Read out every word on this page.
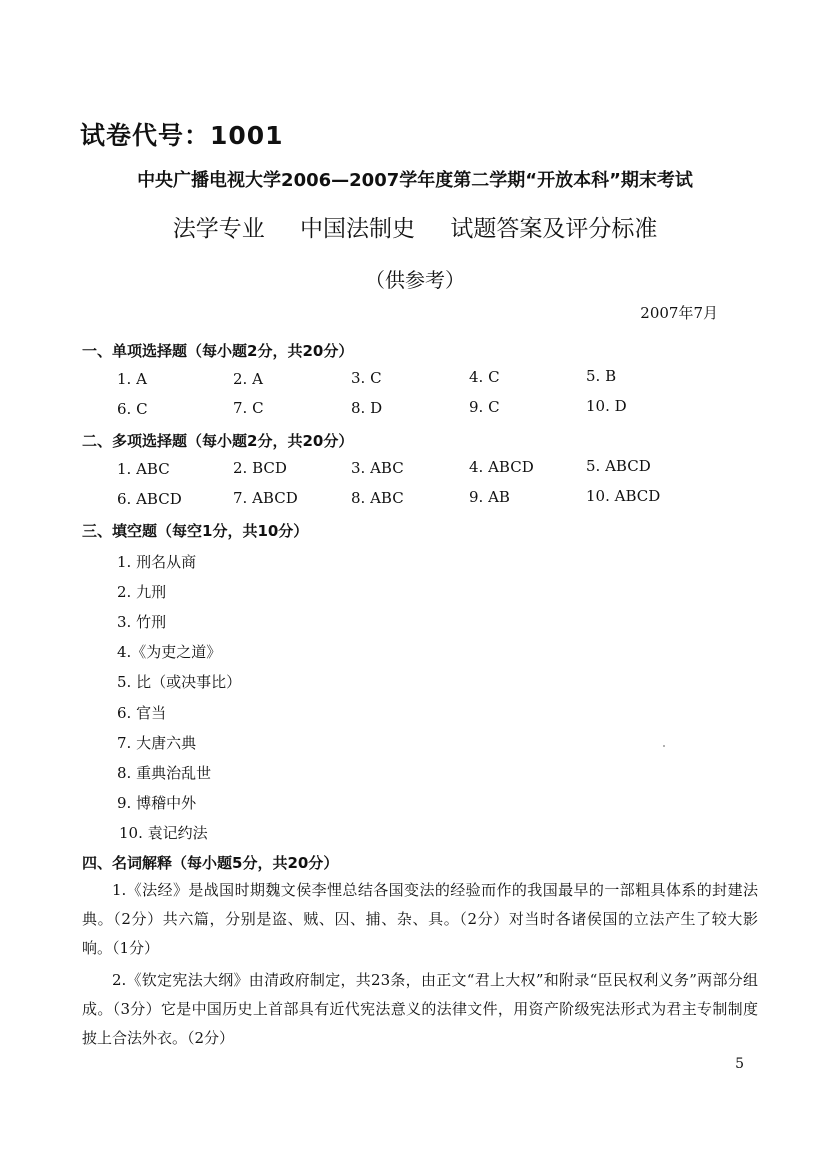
试卷代号：1001
中央广播电视大学2006—2007学年度第二学期“开放本科”期末考试
法学专业 中国法制史 试题答案及评分标准
（供参考）
2007年7月
一、单项选择题（每小题2分，共20分）
1. A	2. A	3. C	4. C	5. B
6. C	7. C	8. D	9. C	10. D
二、多项选择题（每小题2分，共20分）
1. ABC	2. BCD	3. ABC	4. ABCD	5. ABCD
6. ABCD	7. ABCD	8. ABC	9. AB	10. ABCD
三、填空题（每空1分，共10分）
1. 刑名从商
2. 九刑
3. 竹刑
4.《为吏之道》
5. 比（或决事比）
6. 官当
7. 大唐六典
8. 重典治乱世
9. 博稽中外
10. 袁记约法
四、名词解释（每小题5分，共20分）

1.《法经》是战国时期魏文侯李悝总结各国变法的经验而作的我国最早的一部粗具体系的封建法典。（2分）共六篇，分别是盗、贼、囚、捕、杂、具。（2分）对当时各诸侯国的立法产生了较大影响。（1分）

2.《钦定宪法大纲》由清政府制定，共23条，由正文“君上大权”和附录“臣民权利义务”两部分组成。（3分）它是中国历史上首部具有近代宪法意义的法律文件，用资产阶级宪法形式为君主专制制度披上合法外衣。（2分）

5
